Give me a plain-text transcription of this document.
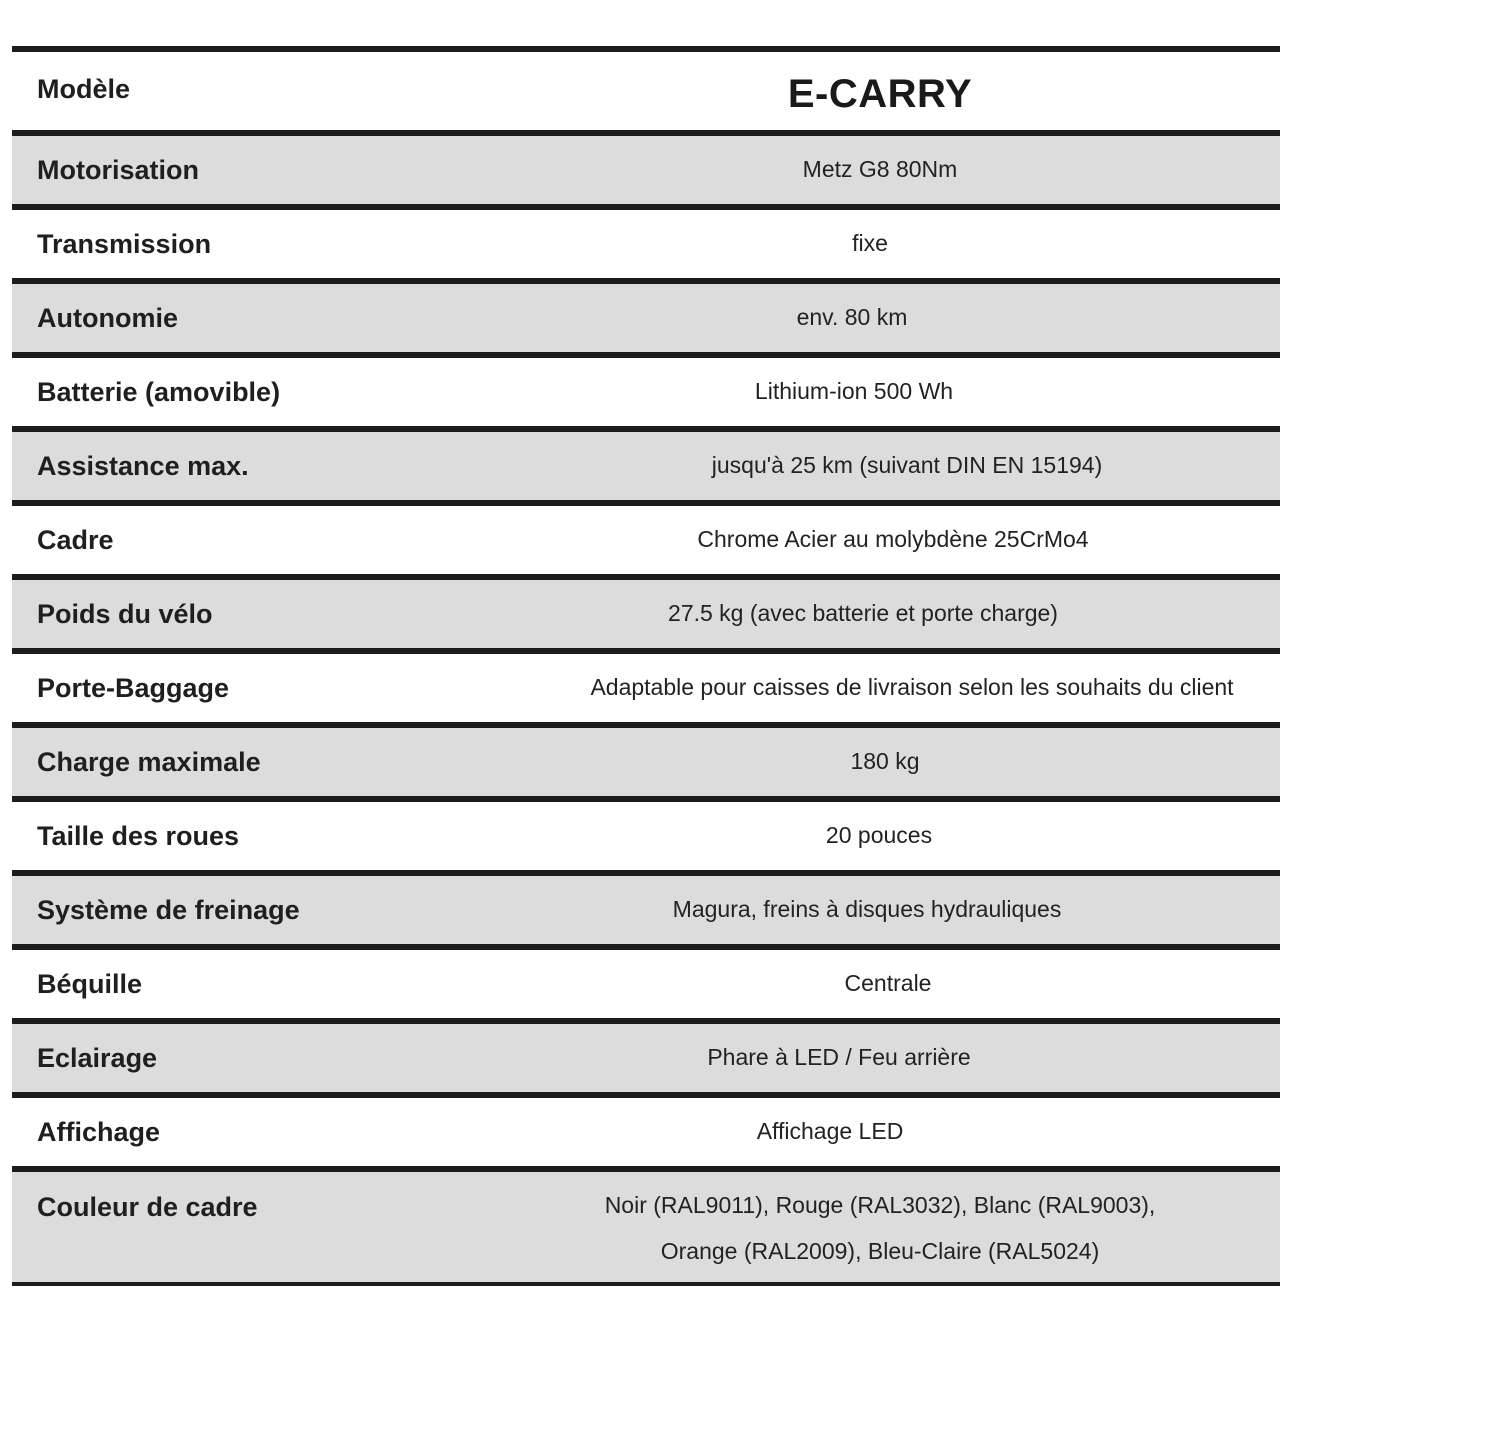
Modèle	E-CARRY
Motorisation	Metz G8 80Nm
Transmission	fixe
Autonomie	env. 80 km
Batterie (amovible)	Lithium-ion 500 Wh
Assistance max.	jusqu'à 25 km (suivant DIN EN 15194)
Cadre	Chrome Acier au molybdène 25CrMo4
Poids du vélo	27.5 kg (avec batterie et porte charge)
Porte-Baggage	Adaptable pour caisses de livraison selon les souhaits du client
Charge maximale	180 kg
Taille des roues	20 pouces
Système de freinage	Magura, freins à disques hydrauliques
Béquille	Centrale
Eclairage	Phare à LED / Feu arrière
Affichage	Affichage LED
Couleur de cadre	Noir (RAL9011), Rouge (RAL3032), Blanc (RAL9003),
Orange (RAL2009), Bleu-Claire (RAL5024)
